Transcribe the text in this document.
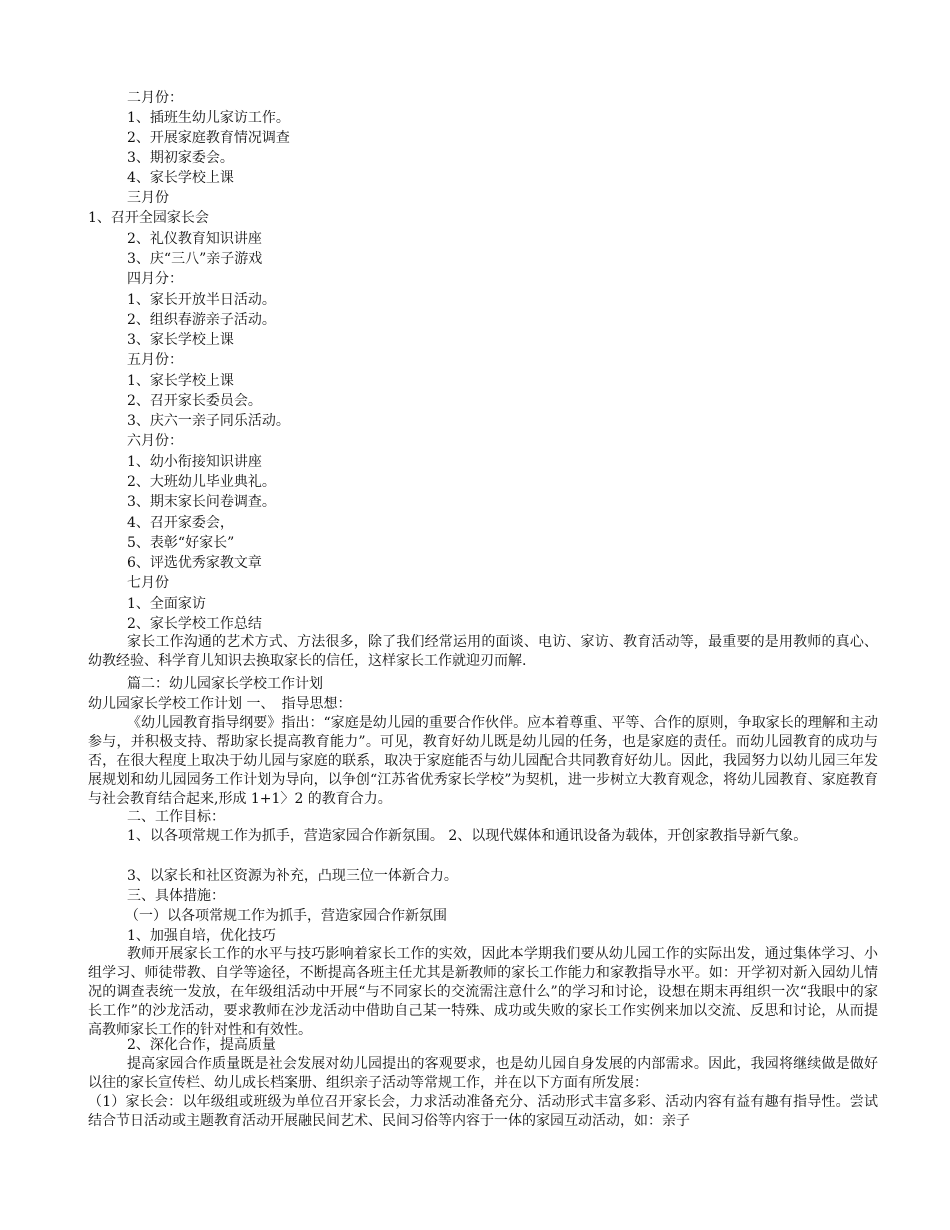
二月份：
1、插班生幼儿家访工作。
2、开展家庭教育情况调查
3、期初家委会。
4、家长学校上课
三月份
1、召开全园家长会
2、礼仪教育知识讲座
3、庆“三八”亲子游戏
四月分：
1、家长开放半日活动。
2、组织春游亲子活动。
3、家长学校上课
五月份：
1、家长学校上课
2、召开家长委员会。
3、庆六一亲子同乐活动。
六月份：
1、幼小衔接知识讲座
2、大班幼儿毕业典礼。
3、期末家长问卷调查。
4、召开家委会，
5、表彰“好家长”
6、评选优秀家教文章
七月份
1、全面家访
2、家长学校工作总结
家长工作沟通的艺术方式、方法很多，除了我们经常运用的面谈、电访、家访、教育活动等，最重要的是用教师的真心、幼教经验、科学育儿知识去换取家长的信任，这样家长工作就迎刃而解.
篇二：幼儿园家长学校工作计划
幼儿园家长学校工作计划 一、　指导思想：
《幼儿园教育指导纲要》指出：“家庭是幼儿园的重要合作伙伴。应本着尊重、平等、合作的原则，争取家长的理解和主动参与，并积极支持、帮助家长提高教育能力”。可见，教育好幼儿既是幼儿园的任务，也是家庭的责任。而幼儿园教育的成功与否，在很大程度上取决于幼儿园与家庭的联系，取决于家庭能否与幼儿园配合共同教育好幼儿。因此，我园努力以幼儿园三年发展规划和幼儿园园务工作计划为导向，以争创“江苏省优秀家长学校”为契机，进一步树立大教育观念，将幼儿园教育、家庭教育与社会教育结合起来,形成 1+1〉2 的教育合力。
二、工作目标：
1、以各项常规工作为抓手，营造家园合作新氛围。 2、以现代媒体和通讯设备为载体，开创家教指导新气象。
3、以家长和社区资源为补充，凸现三位一体新合力。
三、具体措施：
（一）以各项常规工作为抓手，营造家园合作新氛围
1、加强自培，优化技巧
教师开展家长工作的水平与技巧影响着家长工作的实效，因此本学期我们要从幼儿园工作的实际出发，通过集体学习、小组学习、师徒带教、自学等途径，不断提高各班主任尤其是新教师的家长工作能力和家教指导水平。如：开学初对新入园幼儿情况的调查表统一发放，在年级组活动中开展“与不同家长的交流需注意什么”的学习和讨论，设想在期末再组织一次“我眼中的家长工作”的沙龙活动，要求教师在沙龙活动中借助自己某一特殊、成功或失败的家长工作实例来加以交流、反思和讨论，从而提高教师家长工作的针对性和有效性。
2、深化合作，提高质量
提高家园合作质量既是社会发展对幼儿园提出的客观要求，也是幼儿园自身发展的内部需求。因此，我园将继续做是做好以往的家长宣传栏、幼儿成长档案册、组织亲子活动等常规工作，并在以下方面有所发展：
（1）家长会：以年级组或班级为单位召开家长会，力求活动准备充分、活动形式丰富多彩、活动内容有益有趣有指导性。尝试结合节日活动或主题教育活动开展融民间艺术、民间习俗等内容于一体的家园互动活动，如：亲子
